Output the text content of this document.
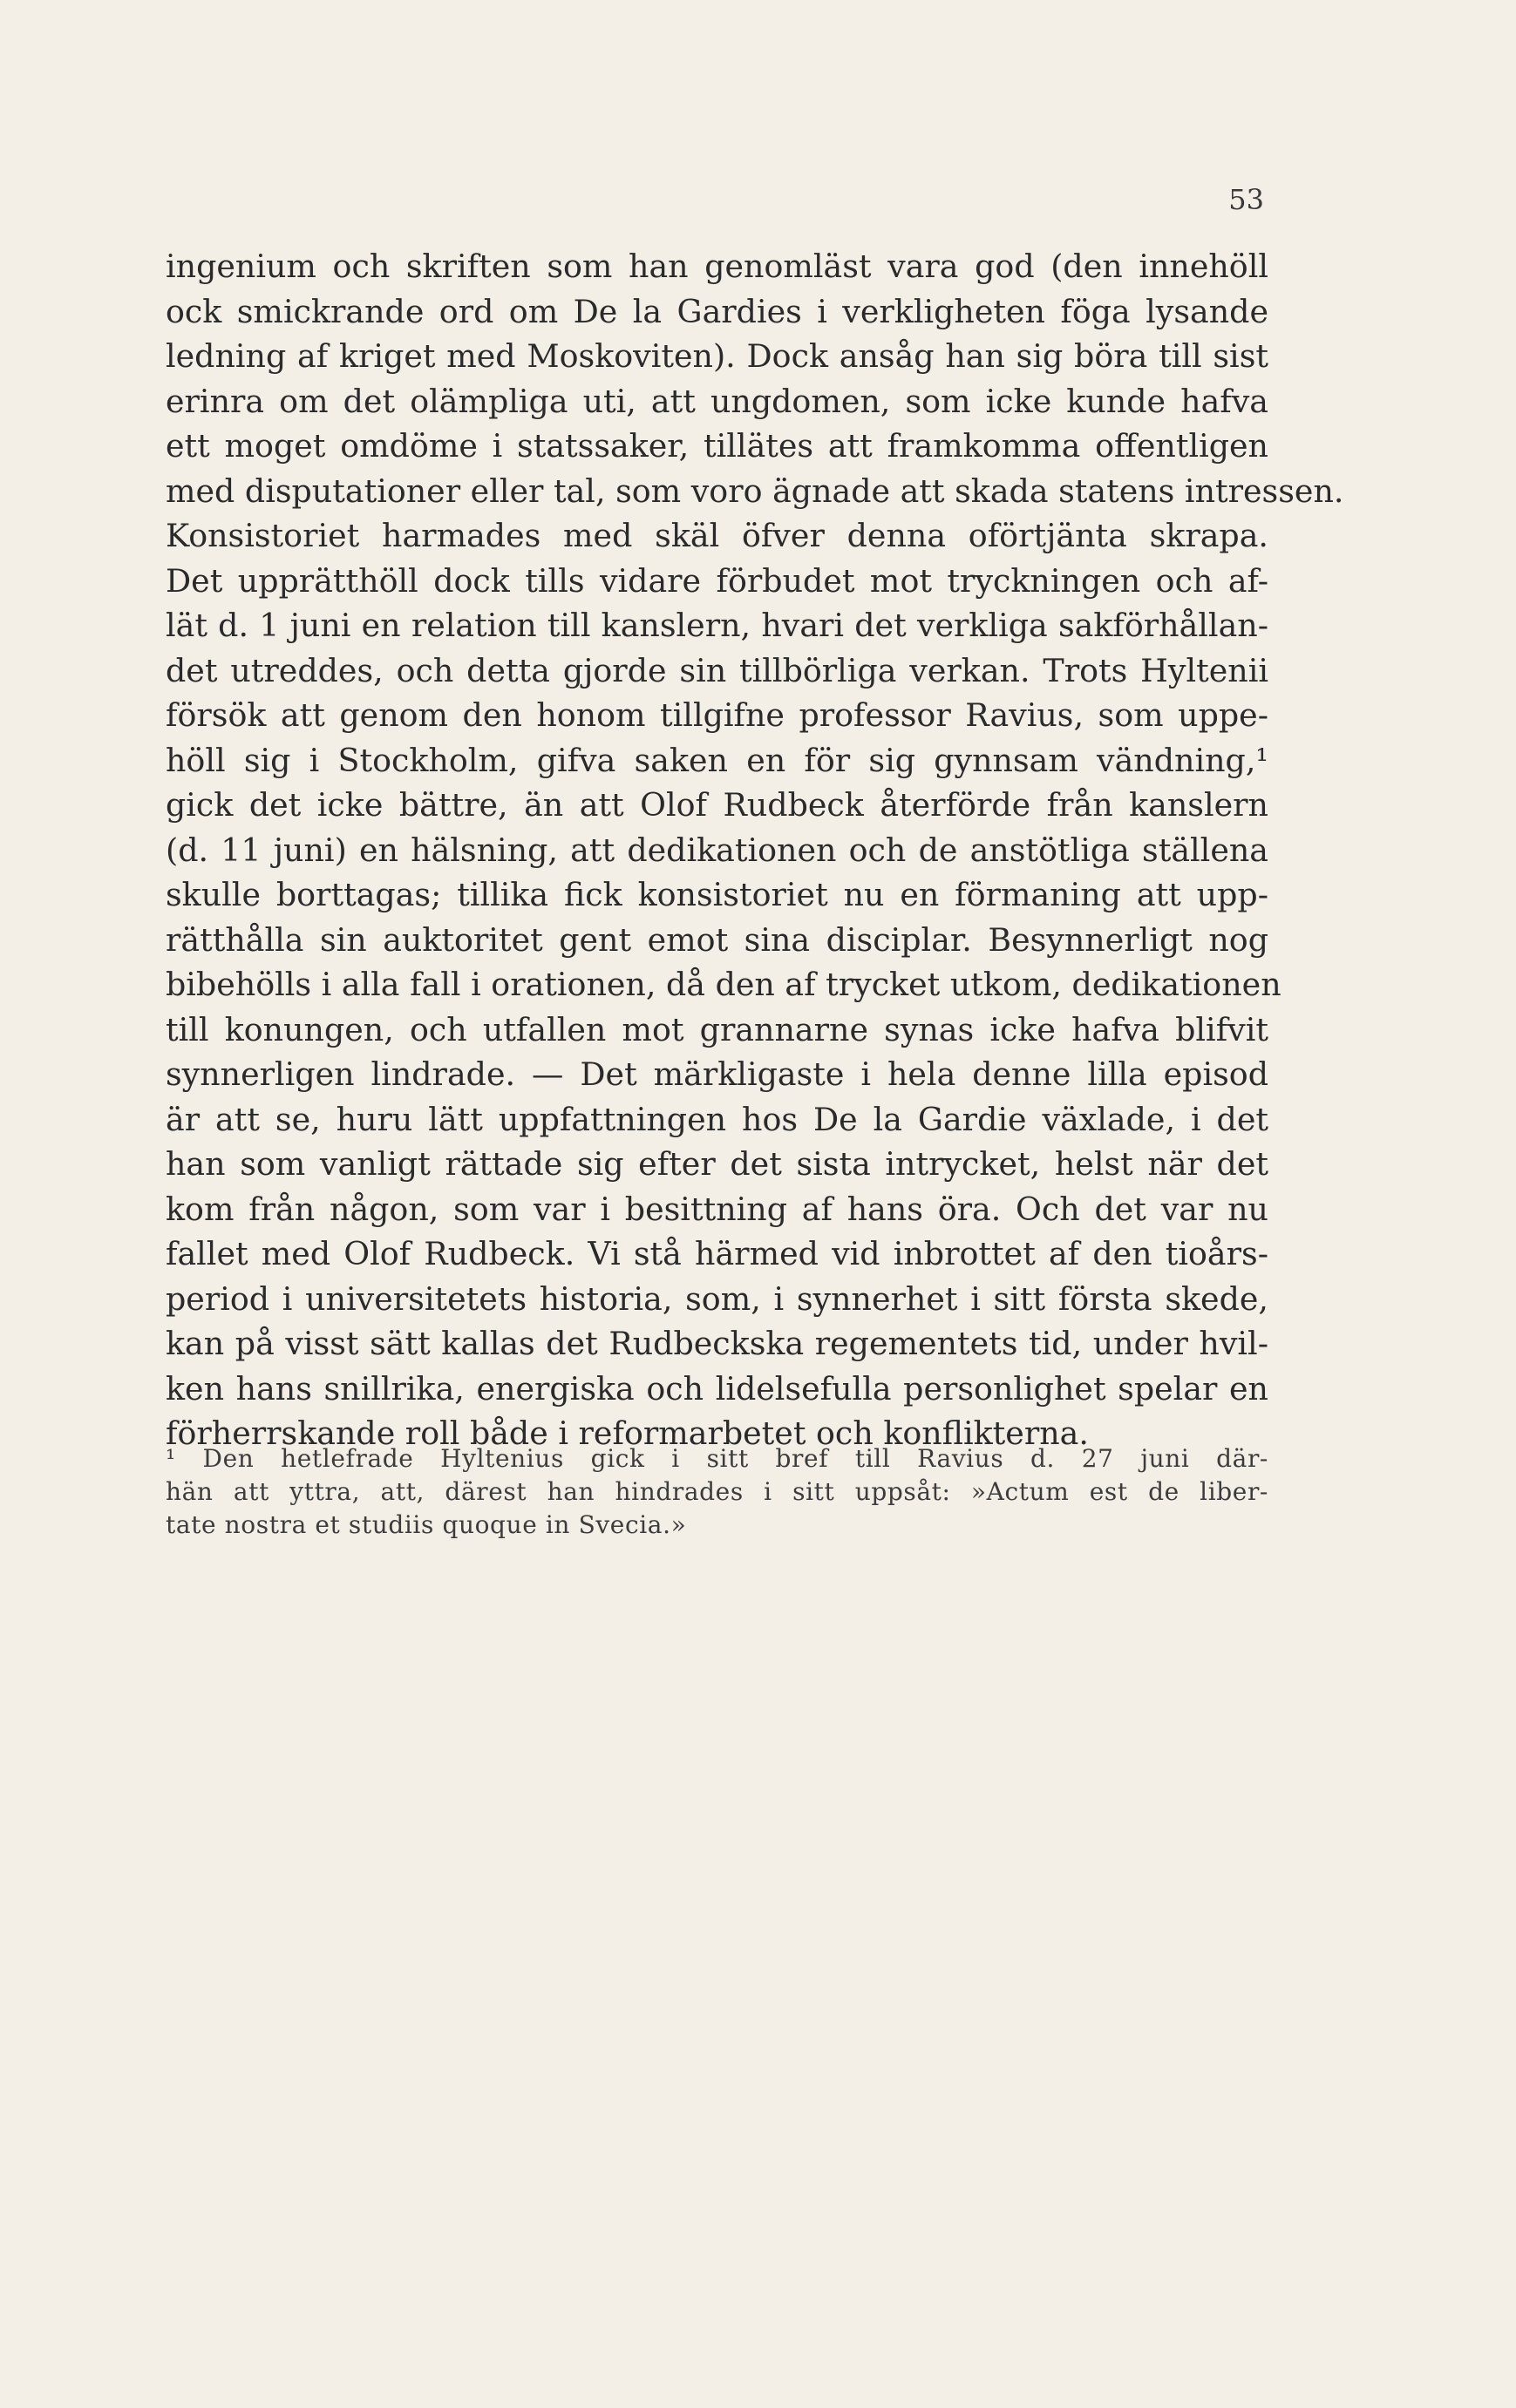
53
ingenium och skriften som han genomläst vara god (den innehöll
ock smickrande ord om De la Gardies i verkligheten föga lysande
ledning af kriget med Moskoviten). Dock ansåg han sig böra till sist
erinra om det olämpliga uti, att ungdomen, som icke kunde hafva
ett moget omdöme i statssaker, tillätes att framkomma offentligen
med disputationer eller tal, som voro ägnade att skada statens intressen.
Konsistoriet harmades med skäl öfver denna oförtjänta skrapa.
Det upprätthöll dock tills vidare förbudet mot tryckningen och af-
lät d. 1 juni en relation till kanslern, hvari det verkliga sakförhållan-
det utreddes, och detta gjorde sin tillbörliga verkan. Trots Hyltenii
försök att genom den honom tillgifne professor Ravius, som uppe-
höll sig i Stockholm, gifva saken en för sig gynnsam vändning,¹
gick det icke bättre, än att Olof Rudbeck återförde från kanslern
(d. 11 juni) en hälsning, att dedikationen och de anstötliga ställena
skulle borttagas; tillika fick konsistoriet nu en förmaning att upp-
rätthålla sin auktoritet gent emot sina disciplar. Besynnerligt nog
bibehölls i alla fall i orationen, då den af trycket utkom, dedikationen
till konungen, och utfallen mot grannarne synas icke hafva blifvit
synnerligen lindrade. — Det märkligaste i hela denne lilla episod
är att se, huru lätt uppfattningen hos De la Gardie växlade, i det
han som vanligt rättade sig efter det sista intrycket, helst när det
kom från någon, som var i besittning af hans öra. Och det var nu
fallet med Olof Rudbeck. Vi stå härmed vid inbrottet af den tioårs-
period i universitetets historia, som, i synnerhet i sitt första skede,
kan på visst sätt kallas det Rudbeckska regementets tid, under hvil-
ken hans snillrika, energiska och lidelsefulla personlighet spelar en
förherrskande roll både i reformarbetet och konflikterna.
¹ Den hetlefrade Hyltenius gick i sitt bref till Ravius d. 27 juni där-
hän att yttra, att, därest han hindrades i sitt uppsåt: »Actum est de liber-
tate nostra et studiis quoque in Svecia.»
